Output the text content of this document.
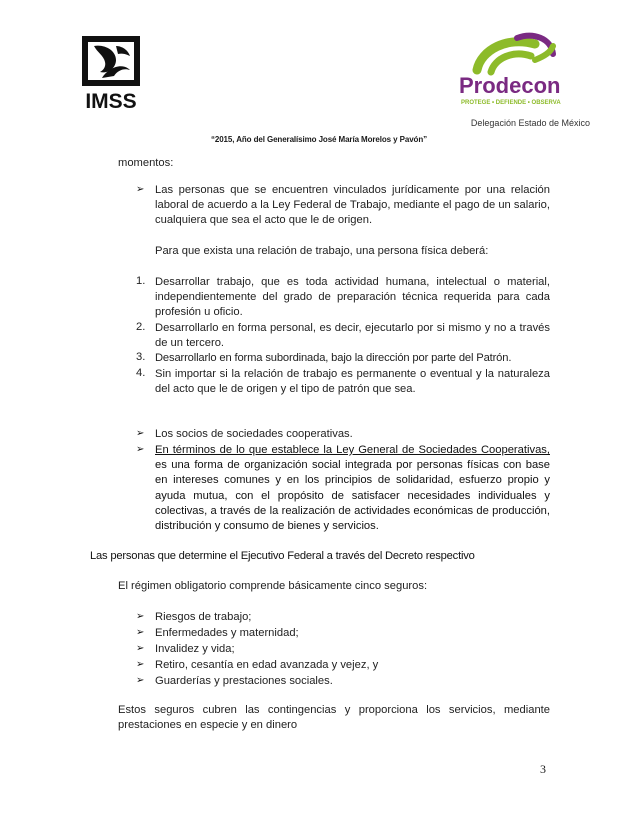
IMSS
Prodecon
PROTEGE • DEFIENDE • OBSERVA
Delegación Estado de México
“2015, Año del Generalísimo José María Morelos y Pavón”
momentos:
➢ Las personas que se encuentren vinculados jurídicamente por una relación laboral de acuerdo a la Ley Federal de Trabajo, mediante el pago de un salario, cualquiera que sea el acto que le de origen.
Para que exista una relación de trabajo, una persona física deberá:
1. Desarrollar trabajo, que es toda actividad humana, intelectual o material, independientemente del grado de preparación técnica requerida para cada profesión u oficio.
2. Desarrollarlo en forma personal, es decir, ejecutarlo por si mismo y no a través de un tercero.
3. Desarrollarlo en forma subordinada, bajo la dirección por parte del Patrón.
4. Sin importar si la relación de trabajo es permanente o eventual y la naturaleza del acto que le de origen y el tipo de patrón que sea.
➢ Los socios de sociedades cooperativas.
➢ En términos de lo que establece la Ley General de Sociedades Cooperativas, es una forma de organización social integrada por personas físicas con base en intereses comunes y en los principios de solidaridad, esfuerzo propio y ayuda mutua, con el propósito de satisfacer necesidades individuales y colectivas, a través de la realización de actividades económicas de producción, distribución y consumo de bienes y servicios.
Las personas que determine el Ejecutivo Federal a través del Decreto respectivo
El régimen obligatorio comprende básicamente cinco seguros:
➢ Riesgos de trabajo;
➢ Enfermedades y maternidad;
➢ Invalidez y vida;
➢ Retiro, cesantía en edad avanzada y vejez, y
➢ Guarderías y prestaciones sociales.
Estos seguros cubren las contingencias y proporciona los servicios, mediante prestaciones en especie y en dinero
3
